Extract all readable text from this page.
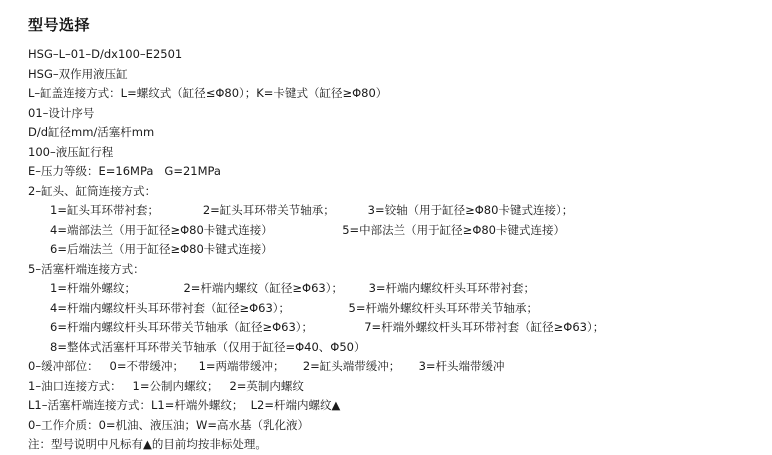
型号选择
HSG–L–01–D/dx100–E2501
HSG–双作用液压缸
L–缸盖连接方式：L=螺纹式（缸径≤Φ80）；K=卡键式（缸径≥Φ80）
01–设计序号
D/d缸径mm/活塞杆mm
100–液压缸行程
E–压力等级：E=16MPa   G=21MPa
2–缸头、缸筒连接方式：
1=缸头耳环带衬套；            2=缸头耳环带关节轴承；         3=铰轴（用于缸径≥Φ80卡键式连接）；
4=端部法兰（用于缸径≥Φ80卡键式连接）                   5=中部法兰（用于缸径≥Φ80卡键式连接）
6=后端法兰（用于缸径≥Φ80卡键式连接）
5–活塞杆端连接方式：
1=杆端外螺纹；             2=杆端内螺纹（缸径≥Φ63）；       3=杆端内螺纹杆头耳环带衬套；
4=杆端内螺纹杆头耳环带衬套（缸径≥Φ63）；                5=杆端外螺纹杆头耳环带关节轴承；
6=杆端内螺纹杆头耳环带关节轴承（缸径≥Φ63）；              7=杆端外螺纹杆头耳环带衬套（缸径≥Φ63）；
8=整体式活塞杆耳环带关节轴承（仅用于缸径=Φ40、Φ50）
0–缓冲部位：   0=不带缓冲；    1=两端带缓冲；     2=缸头端带缓冲；     3=杆头端带缓冲
1–油口连接方式：   1=公制内螺纹；   2=英制内螺纹
L1–活塞杆端连接方式：L1=杆端外螺纹；  L2=杆端内螺纹▲
0–工作介质：0=机油、液压油；W=高水基（乳化液）
注：型号说明中凡标有▲的目前均按非标处理。
